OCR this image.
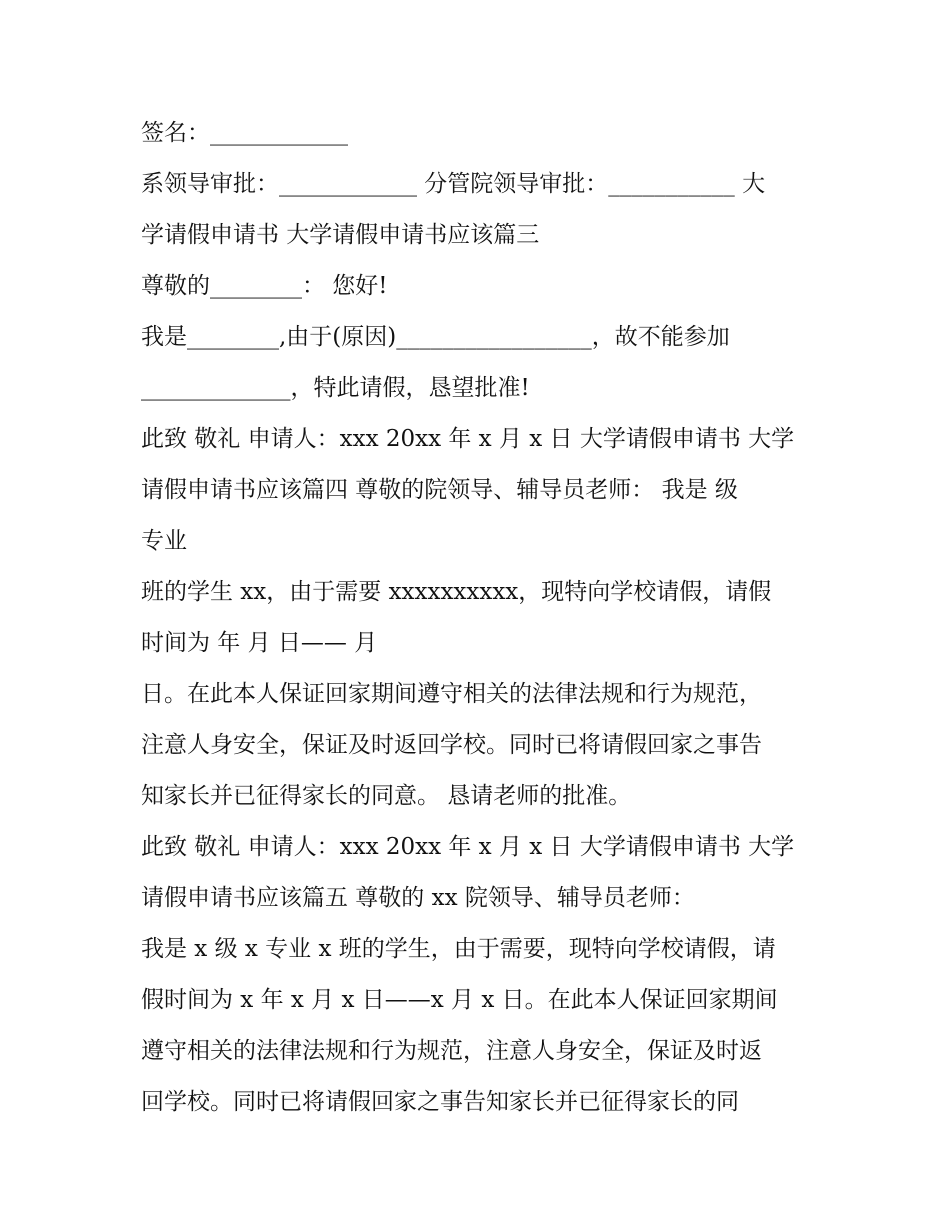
签名：____________
系领导审批：____________ 分管院领导审批：___________ 大
学请假申请书 大学请假申请书应该篇三
尊敬的________： 您好!
我是________,由于(原因)_________________，故不能参加
_____________，特此请假，恳望批准!
此致 敬礼 申请人：xxx 20xx 年 x 月 x 日 大学请假申请书 大学
请假申请书应该篇四 尊敬的院领导、辅导员老师： 我是 级
专业
班的学生 xx，由于需要 xxxxxxxxxx，现特向学校请假，请假
时间为 年 月 日—— 月
日。在此本人保证回家期间遵守相关的法律法规和行为规范，
注意人身安全，保证及时返回学校。同时已将请假回家之事告
知家长并已征得家长的同意。 恳请老师的批准。
此致 敬礼 申请人：xxx 20xx 年 x 月 x 日 大学请假申请书 大学
请假申请书应该篇五 尊敬的 xx 院领导、辅导员老师：
我是 x 级 x 专业 x 班的学生，由于需要，现特向学校请假，请
假时间为 x 年 x 月 x 日——x 月 x 日。在此本人保证回家期间
遵守相关的法律法规和行为规范，注意人身安全，保证及时返
回学校。同时已将请假回家之事告知家长并已征得家长的同
